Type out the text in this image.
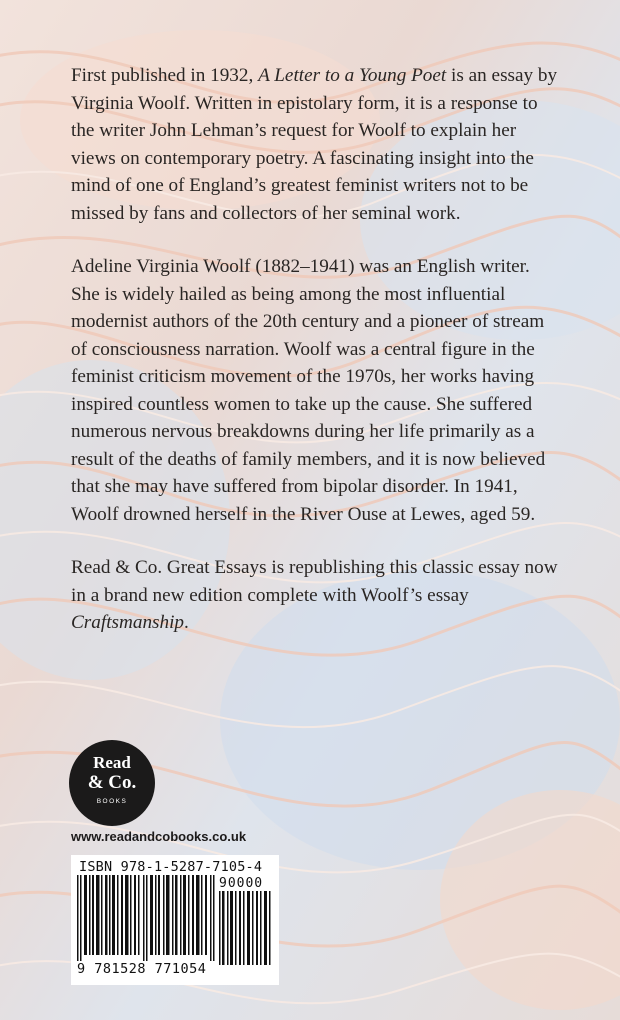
First published in 1932, A Letter to a Young Poet is an essay by Virginia Woolf. Written in epistolary form, it is a response to the writer John Lehman’s request for Woolf to explain her views on contemporary poetry. A fascinating insight into the mind of one of England’s greatest feminist writers not to be missed by fans and collectors of her seminal work.

Adeline Virginia Woolf (1882–1941) was an English writer. She is widely hailed as being among the most influential modernist authors of the 20th century and a pioneer of stream of consciousness narration. Woolf was a central figure in the feminist criticism movement of the 1970s, her works having inspired countless women to take up the cause. She suffered numerous nervous breakdowns during her life primarily as a result of the deaths of family members, and it is now believed that she may have suffered from bipolar disorder. In 1941, Woolf drowned herself in the River Ouse at Lewes, aged 59.

Read & Co. Great Essays is republishing this classic essay now in a brand new edition complete with Woolf’s essay Craftsmanship.

Read
& Co.
BOOKS
www.readandcobooks.co.uk
ISBN 978-1-5287-7105-4
90000
9 781528 771054
